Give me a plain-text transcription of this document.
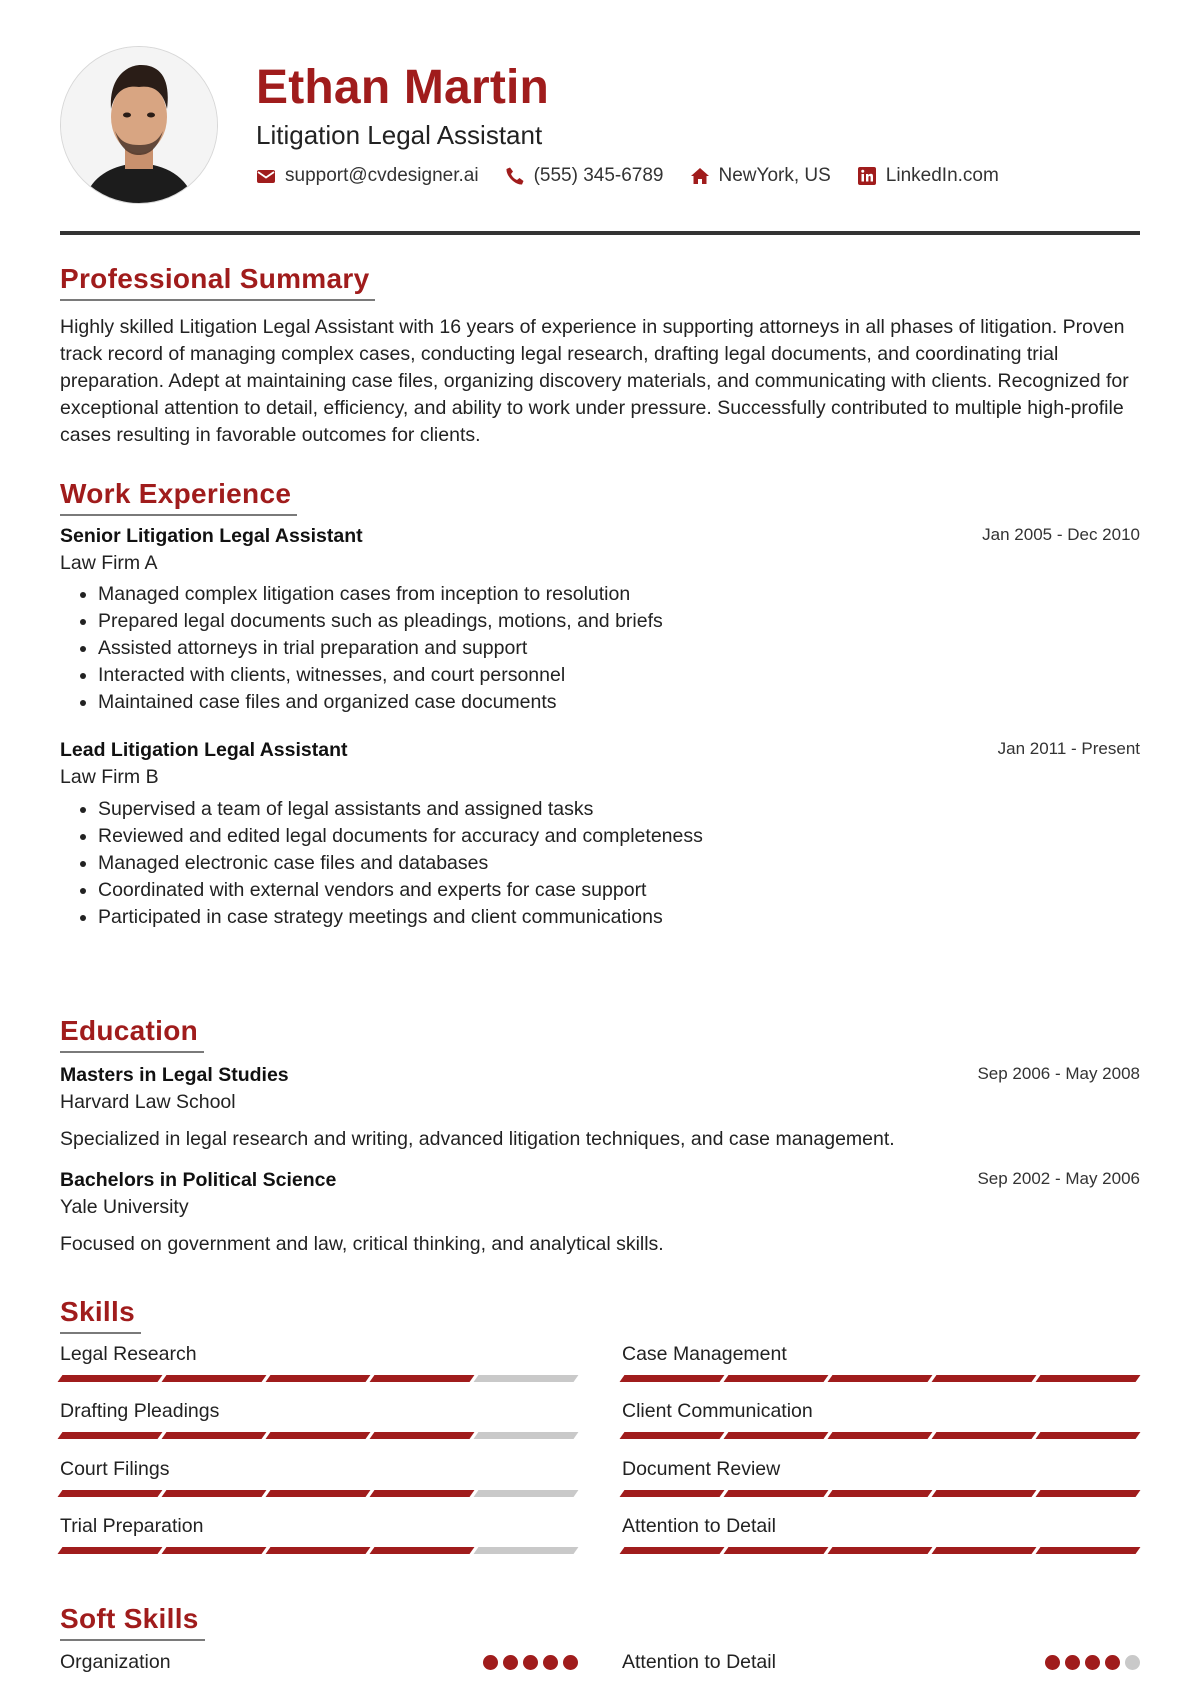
Ethan Martin
Litigation Legal Assistant
support@cvdesigner.ai	(555) 345-6789	NewYork, US	LinkedIn.com
Professional Summary
Highly skilled Litigation Legal Assistant with 16 years of experience in supporting attorneys in all phases of litigation. Proven track record of managing complex cases, conducting legal research, drafting legal documents, and coordinating trial preparation. Adept at maintaining case files, organizing discovery materials, and communicating with clients. Recognized for exceptional attention to detail, efficiency, and ability to work under pressure. Successfully contributed to multiple high-profile cases resulting in favorable outcomes for clients.
Work Experience
Senior Litigation Legal Assistant	Jan 2005 - Dec 2010
Law Firm A
• Managed complex litigation cases from inception to resolution
• Prepared legal documents such as pleadings, motions, and briefs
• Assisted attorneys in trial preparation and support
• Interacted with clients, witnesses, and court personnel
• Maintained case files and organized case documents
Lead Litigation Legal Assistant	Jan 2011 - Present
Law Firm B
• Supervised a team of legal assistants and assigned tasks
• Reviewed and edited legal documents for accuracy and completeness
• Managed electronic case files and databases
• Coordinated with external vendors and experts for case support
• Participated in case strategy meetings and client communications
Education
Masters in Legal Studies	Sep 2006 - May 2008
Harvard Law School
Specialized in legal research and writing, advanced litigation techniques, and case management.
Bachelors in Political Science	Sep 2002 - May 2006
Yale University
Focused on government and law, critical thinking, and analytical skills.
Skills
Legal Research	Case Management
Drafting Pleadings	Client Communication
Court Filings	Document Review
Trial Preparation	Attention to Detail
Soft Skills
Organization	Attention to Detail
